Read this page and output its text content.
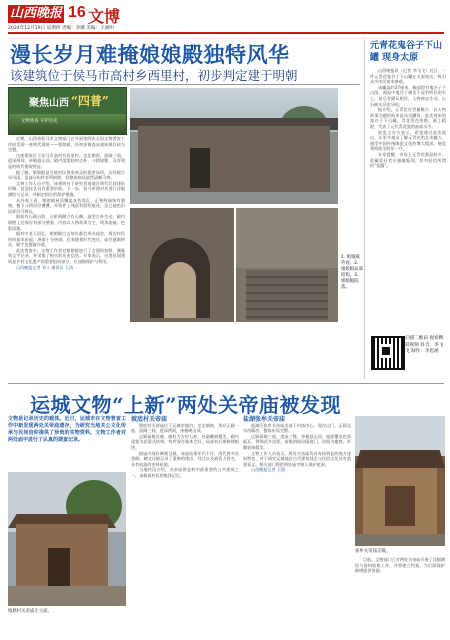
山西晚报 16 文博
2024年12月19日 星期四 责编：李娜 美编：王丽明
漫长岁月难掩娘娘殿独特风华
该建筑位于侯马市高村乡西里村，初步判定建于明朝
聚焦山西 “四普”
文物普查 守护历史

近期，山西省侯马市文物部门在开展第四次全国文物普查工作时发现一座明代建筑——娘娘殿，经初步调查该建筑保存较为完整。

这座建筑位于侯马市高村乡西里村，坐北朝南，面阔三间，进深两间，单檐悬山顶。殿内梁架结构古朴，斗拱规整，具有明显的明代建筑特征。

据了解，娘娘殿是当地村民供奉神灵的重要场所，历经数百年风雨，虽部分构件有所损毁，但整体格局依然清晰可辨。

文物工作人员介绍，该建筑对于研究晋南地区明代民间建筑形制、营造技艺具有重要价值。下一步，侯马市将对其进行详细测绘与记录，并制定相应的保护措施。

从外观上看，娘娘殿屋顶覆盖灰色筒瓦，正脊两端饰有鸱吻，檐下斗拱层层叠叠，木构件上残留有彩绘痕迹，虽已褪色但纹样仍可辨认。

殿前有石砌台阶，台阶两侧立有石狮，造型古朴生动。殿内墙壁上还保存有部分壁画，内容以人物故事为主，线条流畅，色彩淡雅。

据村中老人回忆，娘娘殿过去每年都会举办庙会，周边村民纷纷前来祈福，场面十分热闹。后来随着时代变迁，庙会逐渐停办，殿宇也逐渐冷落。

此次普查中，文物工作者对娘娘殿进行了全面的拍照、测量和文字记录，并采集了相关的历史信息。专家表示，这类民间建筑是乡村文化遗产的重要组成部分，应加强保护与利用。

山西晚报记者 刘工 通讯员 王涛

1. 娘娘殿外观。2. 娘娘殿局部结构。3. 娘娘殿院落。
元青花鬼谷子下山罐 现身太原

山西晚报讯（记者 李飞飞）近日，一件元青花鬼谷子下山罐在太原展出，吸引众多市民前来参观。

该罐高约27厘米，腹部绘有鬼谷子下山图，画面中鬼谷子端坐于虎豹所拉的车上，前后有随从相伴，人物神态生动，山石树木层次分明。

据介绍，元青花存世量稀少，以人物故事为题材的更是凤毛麟角。此次展出的鬼谷子下山罐，青花发色浓艳，画工精湛，代表了元代青花瓷的最高水平。

展览主办方表示，希望通过此次展出，让更多观众了解元青花的艺术魅力，感受中国传统陶瓷文化的博大精深。展览将持续至明年一月。

专家提醒，市场上元青花赝品较多，收藏爱好者应谨慎甄别，切勿轻信所谓的“捡漏”。

扫描二维码 观看精彩视频 抖音：李飞飞 制作：李思涵
运城文物“上新”两处关帝庙被发现
文物是记录历史的载体。近日，运城市在文物普查工作中新发现两处关帝庙遗存，为研究当地关公文化传承与民间信仰提供了珍贵的实物资料。文物工作者对两处庙宇进行了认真的调查记录。
坡底村关帝庙正立面。
坡底村关帝庙

坡底村关帝庙位于运城市境内，坐北朝南，现存正殿一座，面阔三间，进深两间，单檐硬山顶。

正殿前檐设廊，廊柱为方形石柱，柱础雕刻精美。殿内梁架为抬梁式结构，构件保存基本完好，局部有后期修缮痕迹。

据庙内现存碑刻记载，该庙始建年代不详，清代曾多次重修。碑文详细记录了重修的缘由、经过以及捐资人姓名，具有较高的史料价值。

当地村民介绍，关帝庙曾是村中最重要的公共建筑之一，承载着村民的集体记忆。

盐湖张牟关帝庙

盐湖区张牟关帝庙坐落于村落中心，现存山门、正殿及东西厢房，整体布局完整。

正殿面阔三间，进深三椽，单檐悬山顶，屋面覆灰色筒板瓦，脊饰花卉纹样。前檐明间设隔扇门，次间为槛窗，木雕装饰精美。

文物工作人员表示，两处关帝庙均具有较明显的地方建筑特色，对于研究运城地区古代建筑技艺与民俗文化具有重要意义。相关部门将把两处庙宇纳入保护范围。

山西晚报记者 王娟

张牟关帝庙正殿。

目前，文物部门已对两处关帝庙开展了详细测绘与资料收集工作，并将建立档案，为后续保护修缮提供依据。
